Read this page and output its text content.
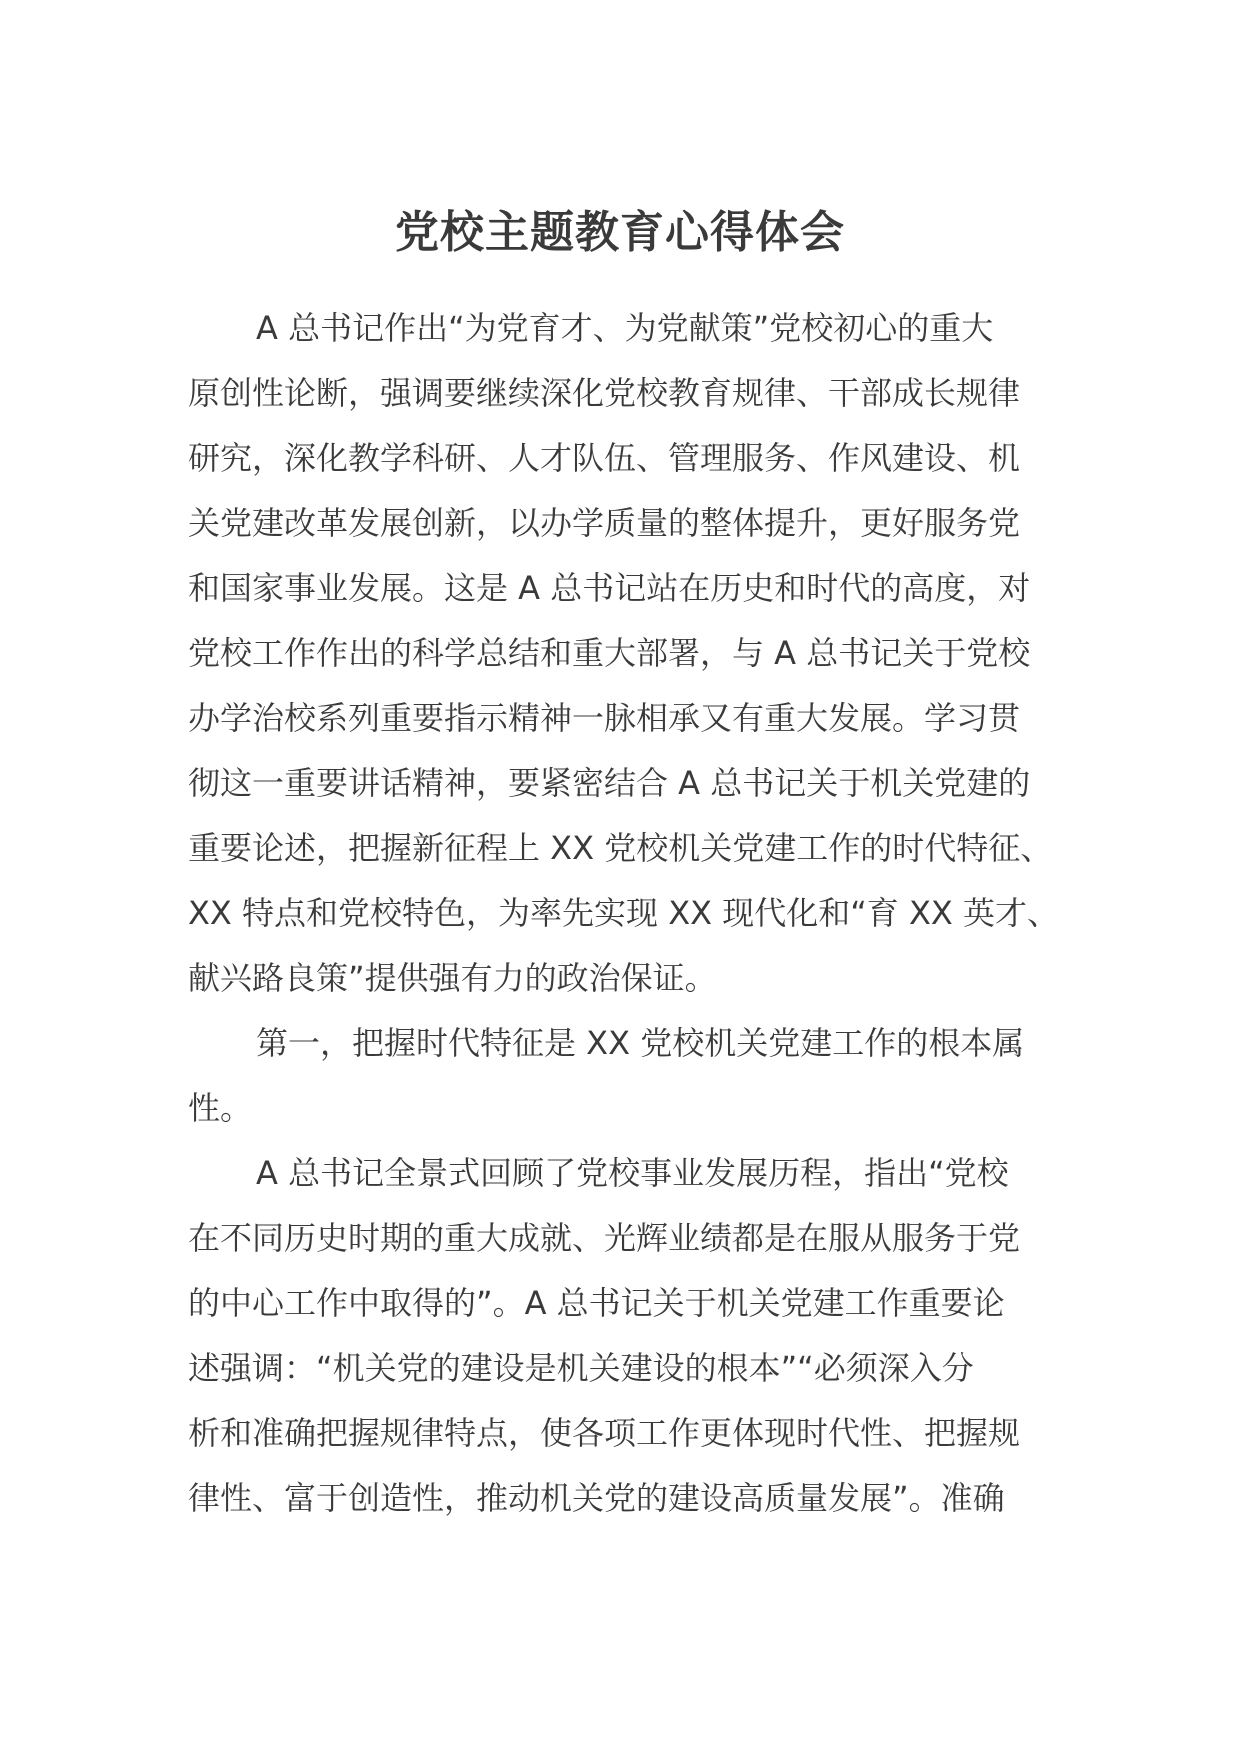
党校主题教育心得体会
A 总书记作出“为党育才、为党献策”党校初心的重大
原创性论断，强调要继续深化党校教育规律、干部成长规律
研究，深化教学科研、人才队伍、管理服务、作风建设、机
关党建改革发展创新，以办学质量的整体提升，更好服务党
和国家事业发展。这是 A 总书记站在历史和时代的高度，对
党校工作作出的科学总结和重大部署，与 A 总书记关于党校
办学治校系列重要指示精神一脉相承又有重大发展。学习贯
彻这一重要讲话精神，要紧密结合 A 总书记关于机关党建的
重要论述，把握新征程上 XX 党校机关党建工作的时代特征、
XX 特点和党校特色，为率先实现 XX 现代化和“育 XX 英才、
献兴路良策”提供强有力的政治保证。
第一，把握时代特征是 XX 党校机关党建工作的根本属
性。
A 总书记全景式回顾了党校事业发展历程，指出“党校
在不同历史时期的重大成就、光辉业绩都是在服从服务于党
的中心工作中取得的”。A 总书记关于机关党建工作重要论
述强调：“机关党的建设是机关建设的根本”“必须深入分
析和准确把握规律特点，使各项工作更体现时代性、把握规
律性、富于创造性，推动机关党的建设高质量发展”。准确
